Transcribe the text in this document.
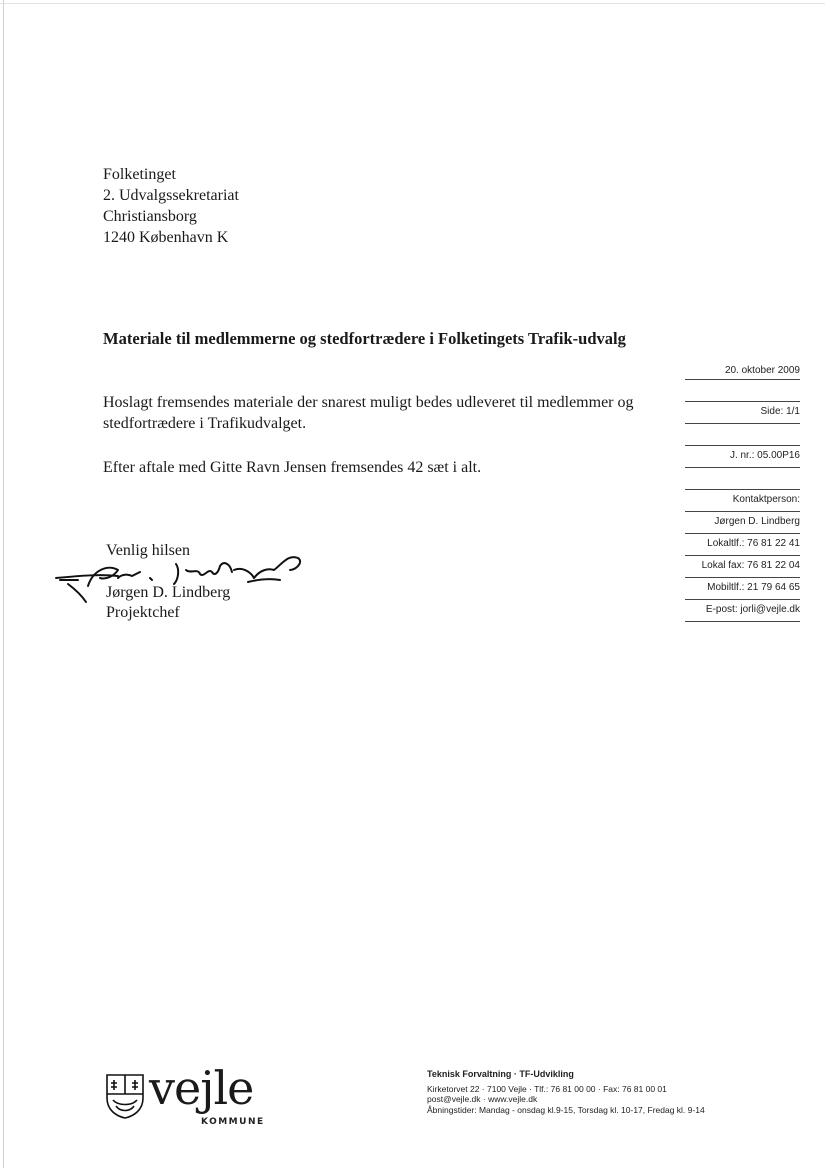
Folketinget
2. Udvalgssekretariat
Christiansborg
1240 København K
Materiale til medlemmerne og stedfortrædere i Folketingets Trafik-udvalg
Hoslagt fremsendes materiale der snarest muligt bedes udleveret til medlemmer og stedfortrædere i Trafikudvalget.
Efter aftale med Gitte Ravn Jensen fremsendes 42 sæt i alt.
Venlig hilsen
Jørgen D. Lindberg
Projektchef
20. oktober 2009
Side: 1/1
J. nr.: 05.00P16
Kontaktperson:
Jørgen D. Lindberg
Lokaltlf.: 76 81 22 41
Lokal fax: 76 81 22 04
Mobiltlf.: 21 79 64 65
E-post: jorli@vejle.dk
vejle
KOMMUNE
Teknisk Forvaltning · TF-Udvikling
Kirketorvet 22 · 7100 Vejle · Tlf.: 76 81 00 00 · Fax: 76 81 00 01
post@vejle.dk · www.vejle.dk
Åbningstider: Mandag - onsdag kl.9-15, Torsdag kl. 10-17, Fredag kl. 9-14
